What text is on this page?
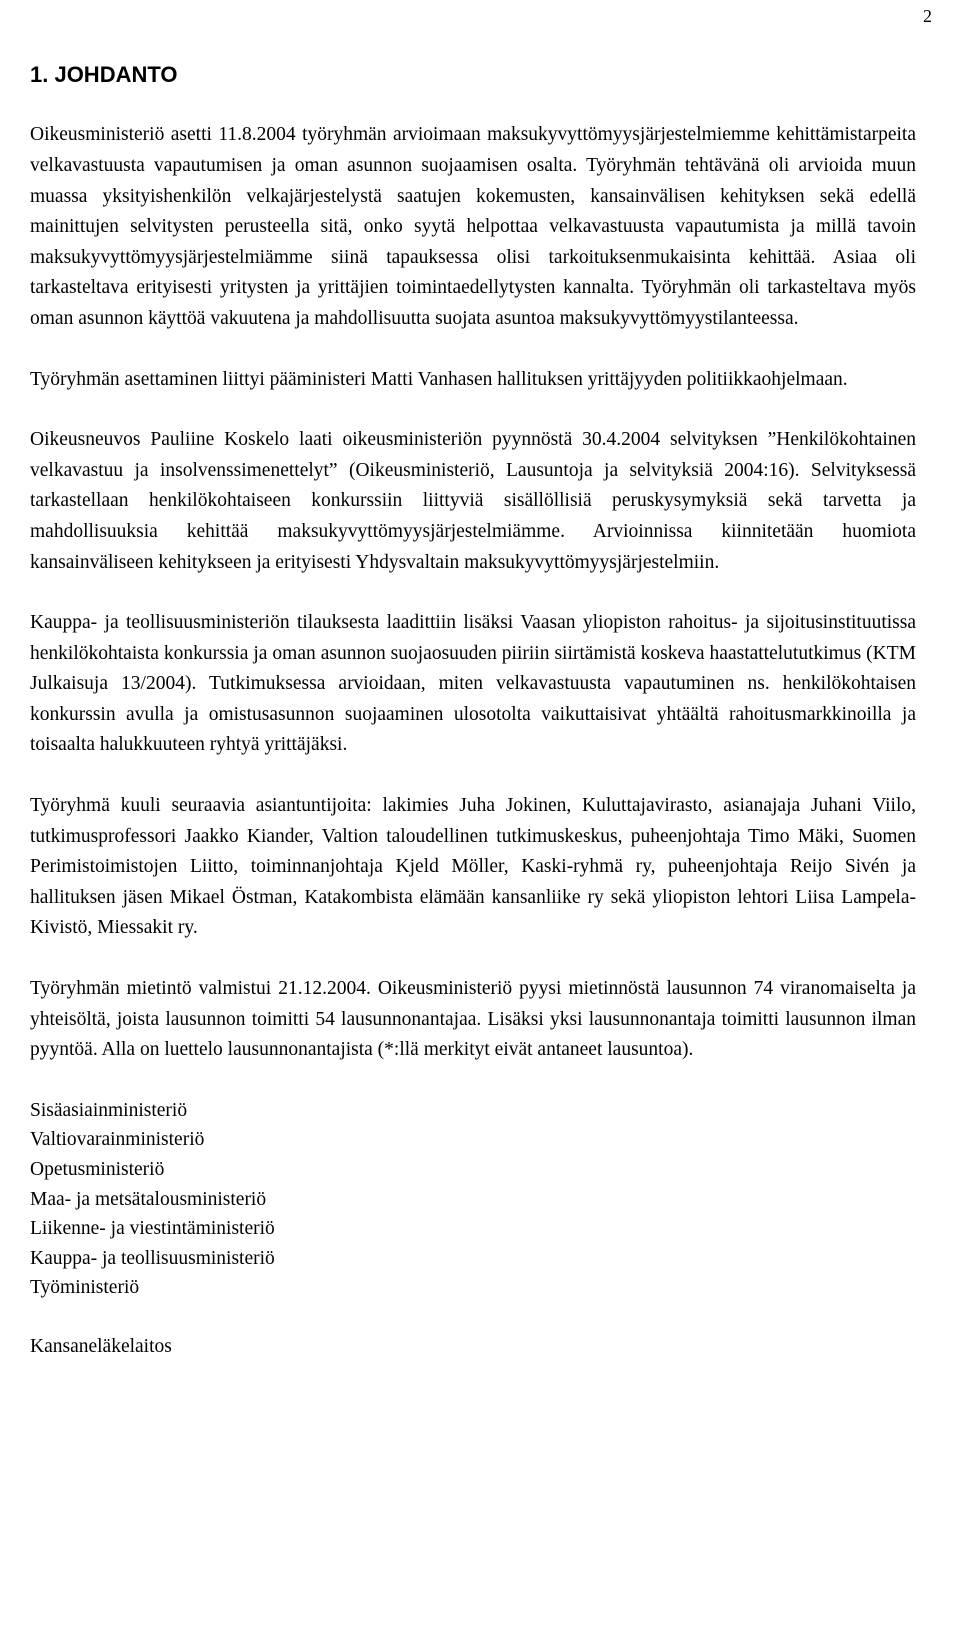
2
1. JOHDANTO

Oikeusministeriö asetti 11.8.2004 työryhmän arvioimaan maksukyvyttömyysjärjestelmiemme kehittämistarpeita velkavastuusta vapautumisen ja oman asunnon suojaamisen osalta. Työryhmän tehtävänä oli arvioida muun muassa yksityishenkilön velkajärjestelystä saatujen kokemusten, kansainvälisen kehityksen sekä edellä mainittujen selvitysten perusteella sitä, onko syytä helpottaa velkavastuusta vapautumista ja millä tavoin maksukyvyttömyysjärjestelmiämme siinä tapauksessa olisi tarkoituksenmukaisinta kehittää. Asiaa oli tarkasteltava erityisesti yritysten ja yrittäjien toimintaedellytysten kannalta. Työryhmän oli tarkasteltava myös oman asunnon käyttöä vakuutena ja mahdollisuutta suojata asuntoa maksukyvyttömyystilanteessa.

Työryhmän asettaminen liittyi pääministeri Matti Vanhasen hallituksen yrittäjyyden politiikkaohjelmaan.

Oikeusneuvos Pauliine Koskelo laati oikeusministeriön pyynnöstä 30.4.2004 selvityksen ”Henkilökohtainen velkavastuu ja insolvenssimenettelyt” (Oikeusministeriö, Lausuntoja ja selvityksiä 2004:16). Selvityksessä tarkastellaan henkilökohtaiseen konkurssiin liittyviä sisällöllisiä peruskysymyksiä sekä tarvetta ja mahdollisuuksia kehittää maksukyvyttömyysjärjestelmiämme. Arvioinnissa kiinnitetään huomiota kansainväliseen kehitykseen ja erityisesti Yhdysvaltain maksukyvyttömyysjärjestelmiin.

Kauppa- ja teollisuusministeriön tilauksesta laadittiin lisäksi Vaasan yliopiston rahoitus- ja sijoitusinstituutissa henkilökohtaista konkurssia ja oman asunnon suojaosuuden piiriin siirtämistä koskeva haastattelututkimus (KTM Julkaisuja 13/2004). Tutkimuksessa arvioidaan, miten velkavastuusta vapautuminen ns. henkilökohtaisen konkurssin avulla ja omistusasunnon suojaaminen ulosotolta vaikuttaisivat yhtäältä rahoitusmarkkinoilla ja toisaalta halukkuuteen ryhtyä yrittäjäksi.

Työryhmä kuuli seuraavia asiantuntijoita: lakimies Juha Jokinen, Kuluttajavirasto, asianajaja Juhani Viilo, tutkimusprofessori Jaakko Kiander, Valtion taloudellinen tutkimuskeskus, puheenjohtaja Timo Mäki, Suomen Perimistoimistojen Liitto, toiminnanjohtaja Kjeld Möller, Kaski-ryhmä ry, puheenjohtaja Reijo Sivén ja hallituksen jäsen Mikael Östman, Katakombista elämään kansanliike ry sekä yliopiston lehtori Liisa Lampela-Kivistö, Miessakit ry.

Työryhmän mietintö valmistui 21.12.2004. Oikeusministeriö pyysi mietinnöstä lausunnon 74 viranomaiselta ja yhteisöltä, joista lausunnon toimitti 54 lausunnonantajaa. Lisäksi yksi lausunnonantaja toimitti lausunnon ilman pyyntöä. Alla on luettelo lausunnonantajista (*:llä merkityt eivät antaneet lausuntoa).

Sisäasiainministeriö
Valtiovarainministeriö
Opetusministeriö
Maa- ja metsätalousministeriö
Liikenne- ja viestintäministeriö
Kauppa- ja teollisuusministeriö
Työministeriö
Kansaneläkelaitos
